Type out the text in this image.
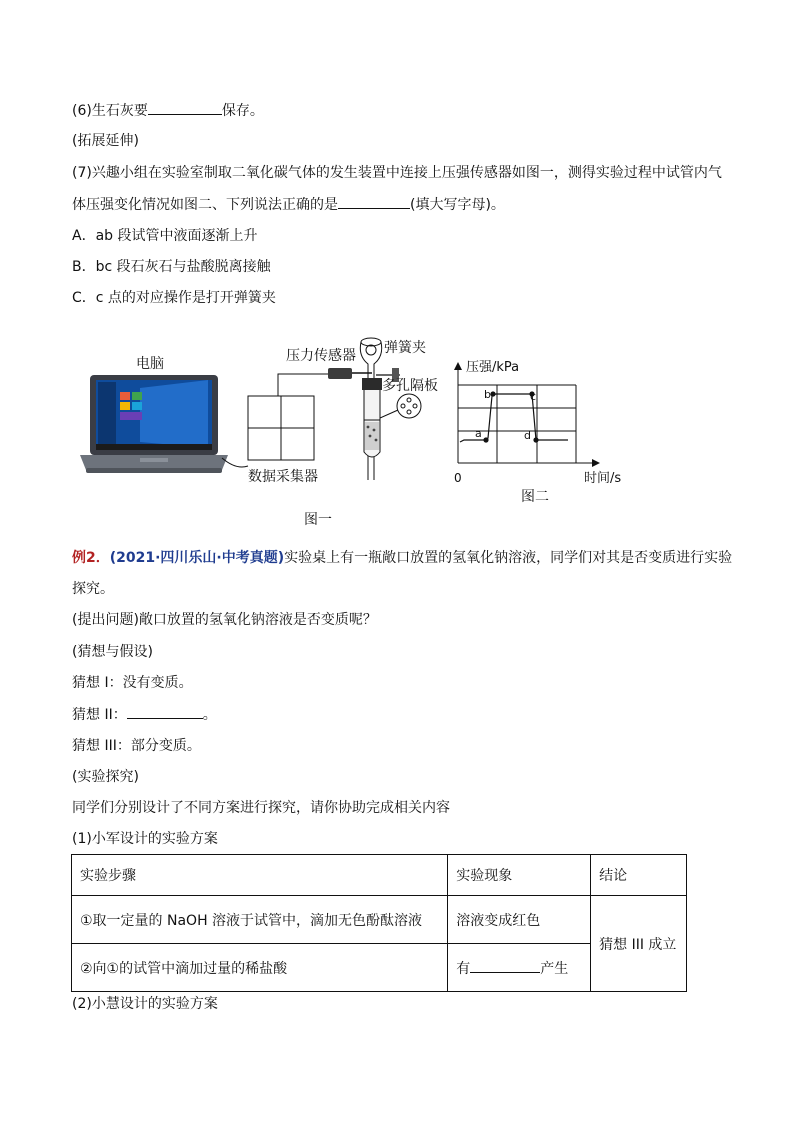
(6)生石灰要	保存。
(拓展延伸)
(7)兴趣小组在实验室制取二氧化碳气体的发生装置中连接上压强传感器如图一，测得实验过程中试管内气
体压强变化情况如图二、下列说法正确的是	(填大写字母)。
A．ab 段试管中液面逐渐上升
B．bc 段石灰石与盐酸脱离接触
C．c 点的对应操作是打开弹簧夹
电脑
数据采集器
压力传感器 弹簧夹
多孔隔板
图一
a
b	c
d
压强/kPa
时间/s
0
图二
例2．(2021·四川乐山·中考真题)实验桌上有一瓶敞口放置的氢氧化钠溶液，同学们对其是否变质进行实验
探究。
(提出问题)敞口放置的氢氧化钠溶液是否变质呢？
(猜想与假设)
猜想 I：没有变质。
猜想 II：	。
猜想 III：部分变质。
(实验探究)
同学们分别设计了不同方案进行探究，请你协助完成相关内容
(1)小军设计的实验方案
实验步骤	实验现象	结论
①取一定量的 NaOH 溶液于试管中，滴加无色酚酞溶液	溶液变成红色	猜想 III 成立
②向①的试管中滴加过量的稀盐酸	有 产生	
(2)小慧设计的实验方案
